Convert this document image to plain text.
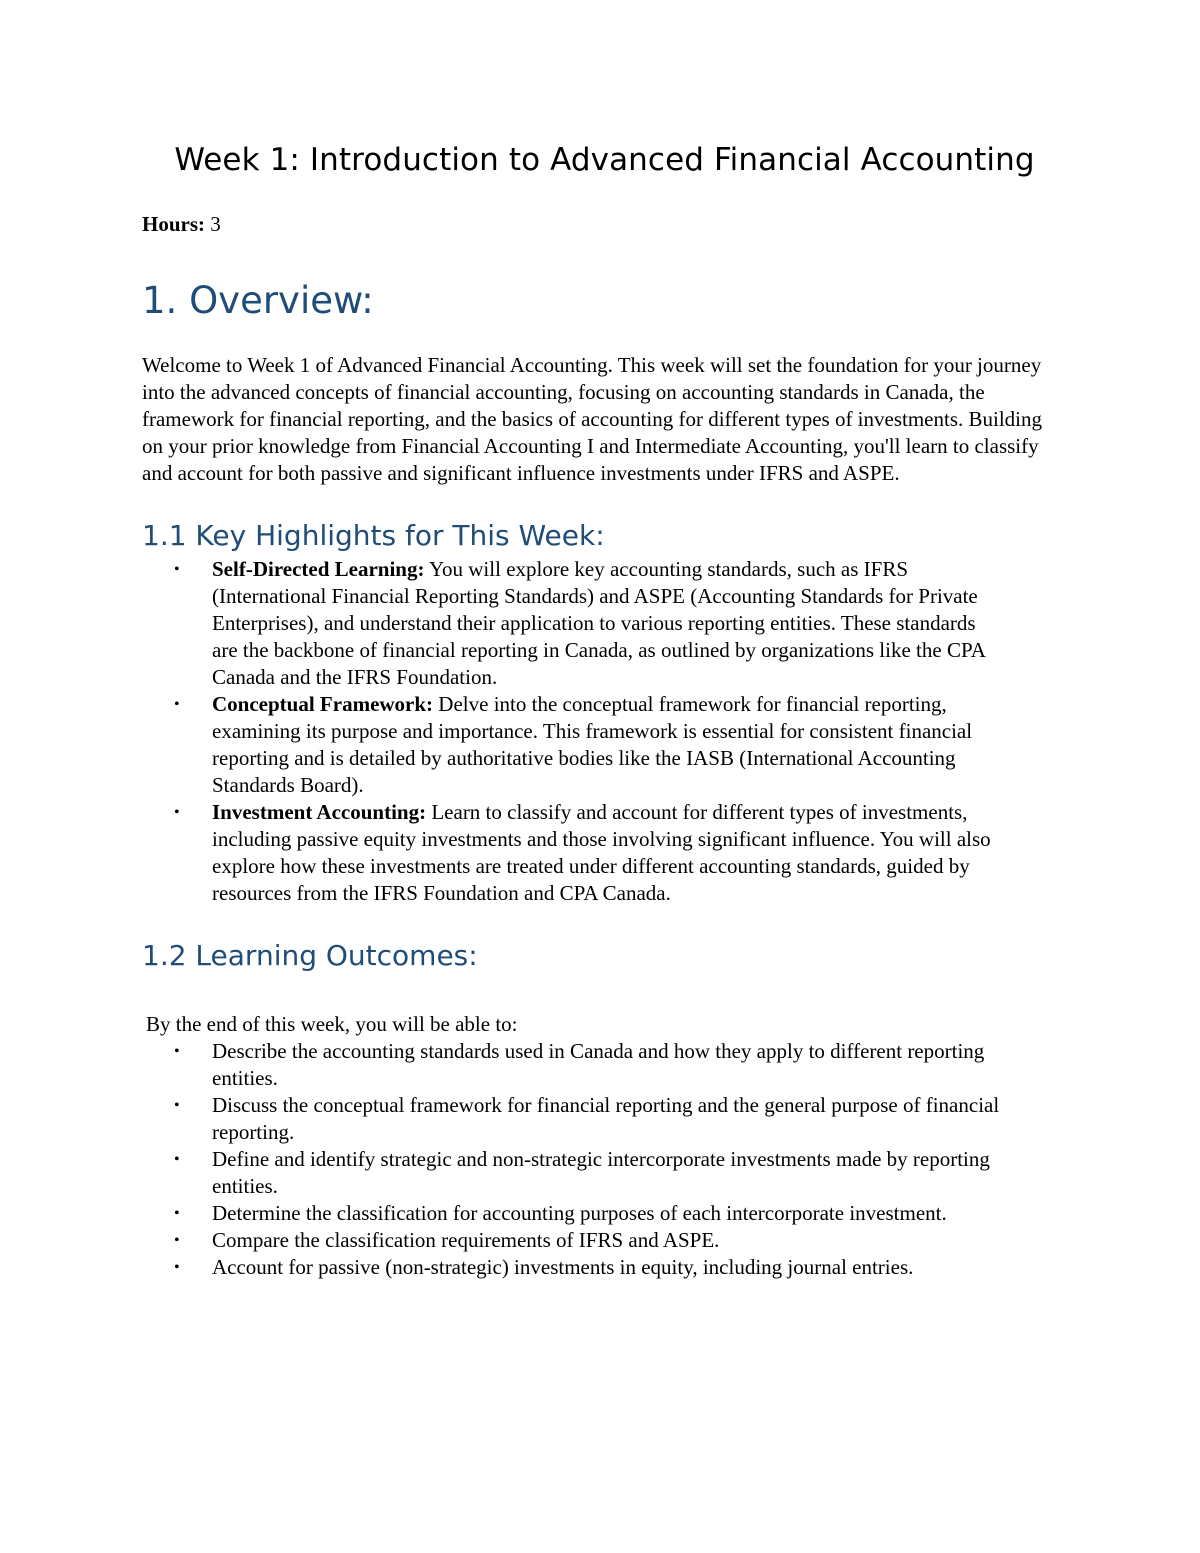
Week 1: Introduction to Advanced Financial Accounting

Hours: 3

1. Overview:

Welcome to Week 1 of Advanced Financial Accounting. This week will set the foundation for your journey into the advanced concepts of financial accounting, focusing on accounting standards in Canada, the framework for financial reporting, and the basics of accounting for different types of investments. Building on your prior knowledge from Financial Accounting I and Intermediate Accounting, you'll learn to classify and account for both passive and significant influence investments under IFRS and ASPE.

1.1 Key Highlights for This Week:
• Self-Directed Learning: You will explore key accounting standards, such as IFRS (International Financial Reporting Standards) and ASPE (Accounting Standards for Private Enterprises), and understand their application to various reporting entities. These standards are the backbone of financial reporting in Canada, as outlined by organizations like the CPA Canada and the IFRS Foundation.
• Conceptual Framework: Delve into the conceptual framework for financial reporting, examining its purpose and importance. This framework is essential for consistent financial reporting and is detailed by authoritative bodies like the IASB (International Accounting Standards Board).
• Investment Accounting: Learn to classify and account for different types of investments, including passive equity investments and those involving significant influence. You will also explore how these investments are treated under different accounting standards, guided by resources from the IFRS Foundation and CPA Canada.
1.2 Learning Outcomes:

By the end of this week, you will be able to:

• Describe the accounting standards used in Canada and how they apply to different reporting entities.
• Discuss the conceptual framework for financial reporting and the general purpose of financial reporting.
• Define and identify strategic and non-strategic intercorporate investments made by reporting entities.
• Determine the classification for accounting purposes of each intercorporate investment.
• Compare the classification requirements of IFRS and ASPE.
• Account for passive (non-strategic) investments in equity, including journal entries.
